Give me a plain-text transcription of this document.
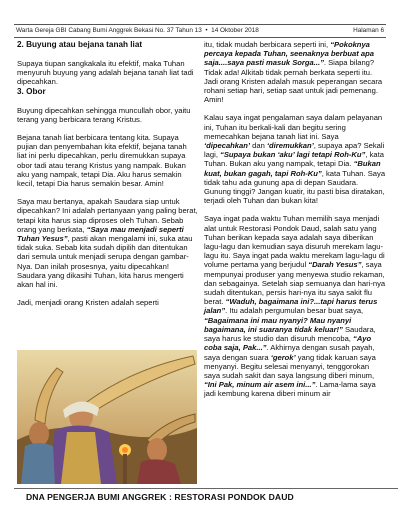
Warta Gereja GBI Cabang Bumi Anggrek Bekasi No. 37 Tahun 13 • 14 Oktober 2018	Halaman 6

2. Buyung atau bejana tanah liat

Supaya tiupan sangkakala itu efektif, maka Tuhan menyuruh buyung yang adalah bejana tanah liat tadi dipecahkan.

3. Obor

Buyung dipecahkan sehingga muncullah obor, yaitu terang yang berbicara terang Kristus.

Bejana tanah liat berbicara tentang kita. Supaya pujian dan penyembahan kita efektif, bejana tanah liat ini perlu dipecahkan, perlu diremukkan supaya obor tadi atau terang Kristus yang nampak. Bukan aku yang nampak, tetapi Dia. Aku harus semakin kecil, tetapi Dia harus semakin besar. Amin!

Saya mau bertanya, apakah Saudara siap untuk dipecahkan? Ini adalah pertanyaan yang paling berat, tetapi kita harus siap diproses oleh Tuhan. Sebab orang yang berkata, “Saya mau menjadi seperti Tuhan Yesus”, pasti akan mengalami ini, suka atau tidak suka. Sebab kita sudah dipilih dan ditentukan dari semula untuk menjadi serupa dengan gambar-Nya. Dan inilah prosesnya, yaitu dipecahkan! Saudara yang dikasihi Tuhan, kita harus mengerti akan hal ini.

Jadi, menjadi orang Kristen adalah seperti

itu, tidak mudah berbicara seperti ini, “Pokoknya percaya kepada Tuhan, seenaknya berbuat apa saja....saya pasti masuk Sorga...”. Siapa bilang? Tidak ada! Alkitab tidak pernah berkata seperti itu. Jadi orang Kristen adalah masuk peperangan secara rohani setiap hari, setiap saat untuk jadi pemenang. Amin!

Kalau saya ingat pengalaman saya dalam pelayanan ini, Tuhan itu berkali-kali dan begitu sering memecahkan bejana tanah liat ini. Saya ‘dipecahkan’ dan ‘diremukkan’, supaya apa? Sekali lagi, “Supaya bukan ‘aku’ lagi tetapi Roh-Ku”, kata Tuhan. Bukan aku yang nampak, tetapi Dia. “Bukan kuat, bukan gagah, tapi Roh-Ku”, kata Tuhan. Saya tidak tahu ada gunung apa di depan Saudara. Gunung tinggi? Jangan kuatir, itu pasti bisa diratakan, terjadi oleh Tuhan dan bukan kita!

Saya ingat pada waktu Tuhan memilih saya menjadi alat untuk Restorasi Pondok Daud, salah satu yang Tuhan berikan kepada saya adalah saya diberikan lagu-lagu dan kemudian saya disuruh merekam lagu-lagu itu. Saya ingat pada waktu merekam lagu-lagu di volume pertama yang berjudul “Darah Yesus”, saya mempunyai produser yang menyewa studio rekaman, dan sebagainya. Setelah siap semuanya dan hari-nya sudah ditentukan, persis hari-nya itu saya sakit flu berat. “Waduh, bagaimana ini?...tapi harus terus jalan”. Itu adalah pergumulan besar buat saya, “Bagaimana ini mau nyanyi? Mau nyanyi bagaimana, ini suaranya tidak keluar!” Saudara, saya harus ke studio dan disuruh mencoba, “Ayo coba saja, Pak...”. Akhirnya dengan susah payah, saya dengan suara ‘gerok’ yang tidak karuan saya menyanyi. Begitu selesai menyanyi, tenggorokan saya sudah sakit dan saya langsung diberi minum, “Ini Pak, minum air asem ini...”. Lama-lama saya jadi kembung karena diberi minum air

DNA PENGERJA BUMI ANGGREK : RESTORASI PONDOK DAUD
